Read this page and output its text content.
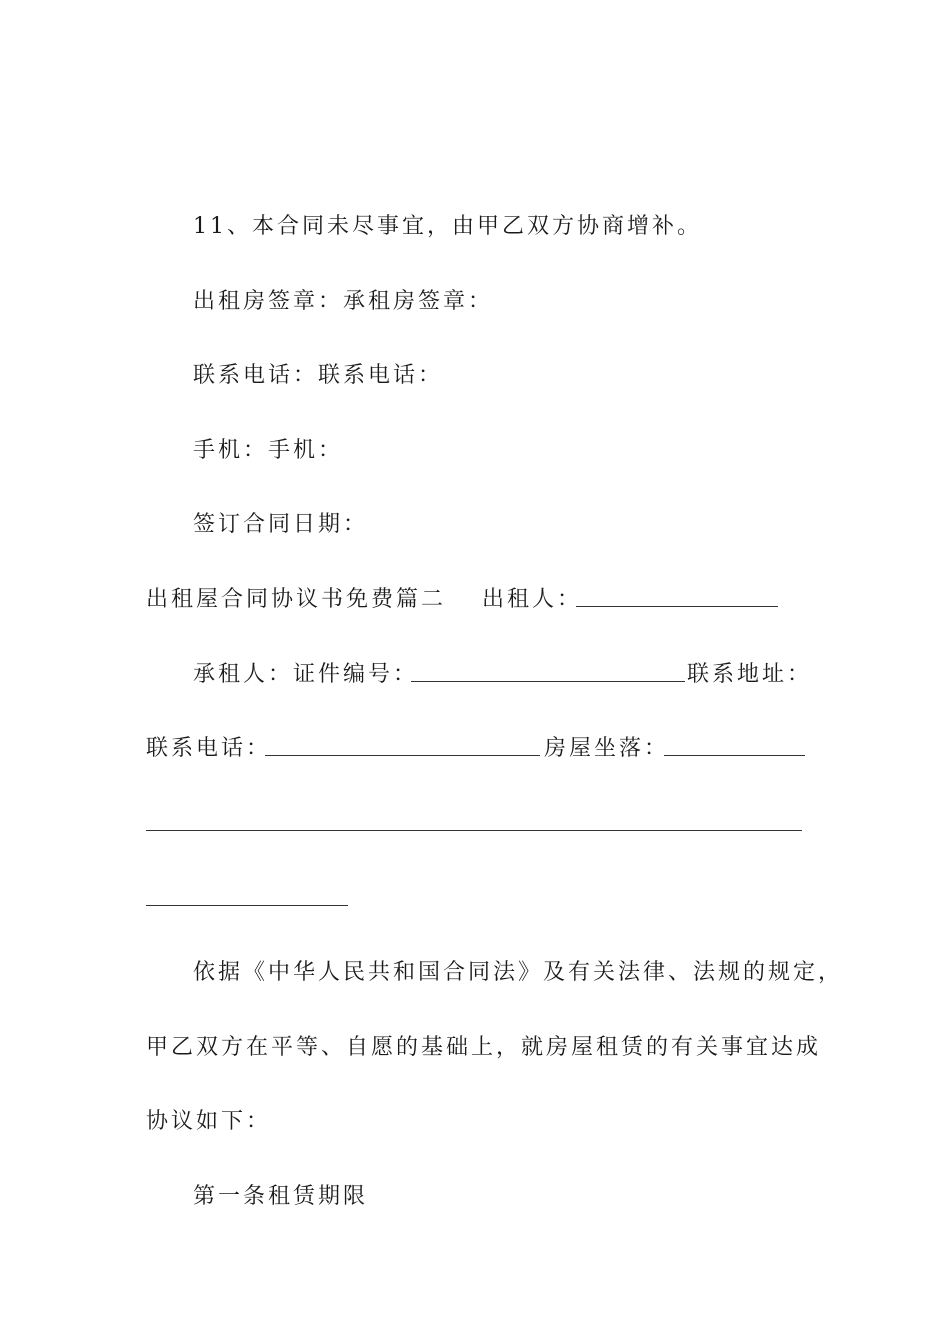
11、本合同未尽事宜，由甲乙双方协商增补。
出租房签章：承租房签章：
联系电话：联系电话：
手机：手机：
签订合同日期：
出租屋合同协议书免费篇二 出租人：
承租人：证件编号：	联系地址：
联系电话：	房屋坐落：
依据《中华人民共和国合同法》及有关法律、法规的规定，
甲乙双方在平等、自愿的基础上，就房屋租赁的有关事宜达成
协议如下：
第一条租赁期限
